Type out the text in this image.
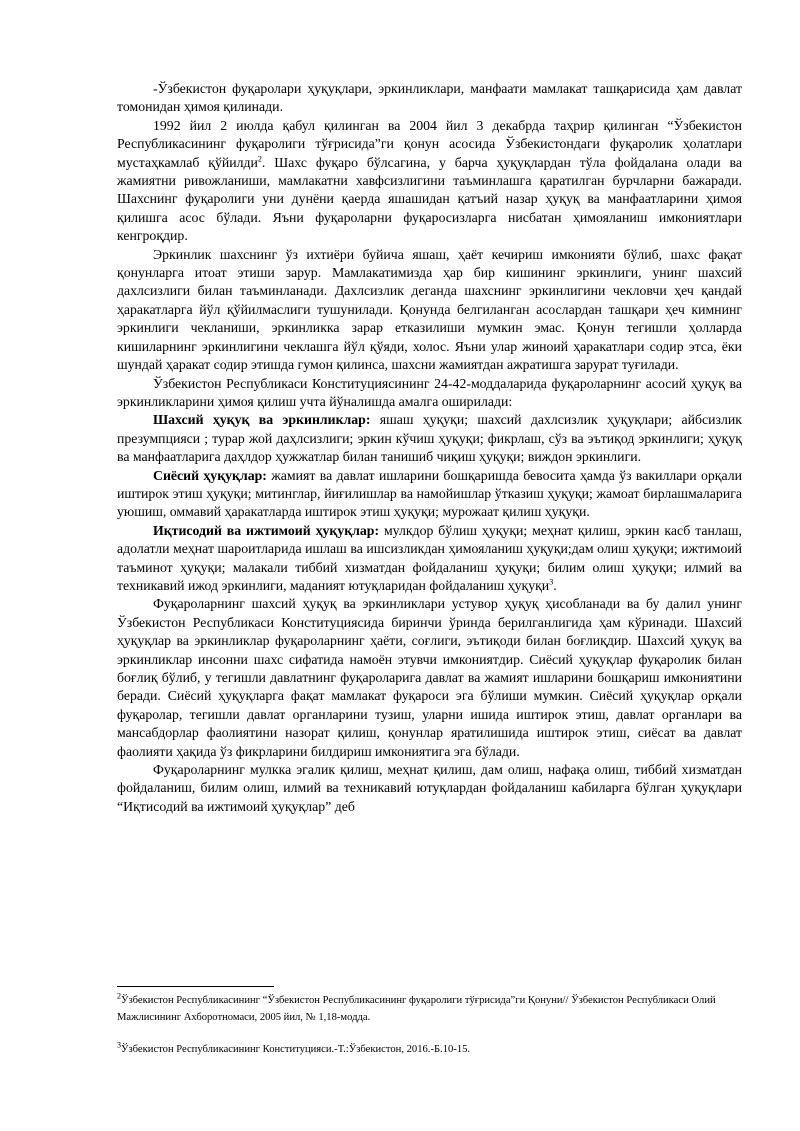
-Ўзбекистон фуқаролари ҳуқуқлари, эркинликлари, манфаати мамлакат ташқарисида ҳам давлат томонидан ҳимоя қилинади.

1992 йил 2 июлда қабул қилинган ва 2004 йил 3 декабрда таҳрир қилинган “Ўзбекистон Республикасининг фуқаролиги тўғрисида”ги қонун асосида Ўзбекистондаги фуқаролик ҳолатлари мустаҳкамлаб қўйилди$^2$. Шахс фуқаро бўлсагина, у барча ҳуқуқлардан тўла фойдалана олади ва жамиятни ривожланиши, мамлакатни хавфсизлигини таъминлашга қаратилган бурчларни бажаради. Шахснинг фуқаролиги уни дунёни қаерда яшашидан қатъий назар ҳуқуқ ва манфаатларини ҳимоя қилишга асос бўлади. Яъни фуқароларни фуқаросизларга нисбатан ҳимояланиш имкониятлари кенгроқдир.

Эркинлик шахснинг ўз ихтиёри буйича яшаш, ҳаёт кечириш имконияти бўлиб, шахс фақат қонунларга итоат этиши зарур. Мамлакатимизда ҳар бир кишининг эркинлиги, унинг шахсий дахлсизлиги билан таъминланади. Дахлсизлик деганда шахснинг эркинлигини чекловчи ҳеч қандай ҳаракатларга йўл қўйилмаслиги тушунилади. Қонунда белгиланган асослардан ташқари ҳеч кимнинг эркинлиги чекланиши, эркинликка зарар етказилиши мумкин эмас. Қонун тегишли ҳолларда кишиларнинг эркинлигини чеклашга йўл қўяди, холос. Яъни улар жиноий ҳаракатлари содир этса, ёки шундай ҳаракат содир этишда гумон қилинса, шахсни жамиятдан ажратишга зарурат туғилади.

Ўзбекистон Республикаси Конституциясининг 24-42-моддаларида фуқароларнинг асосий ҳуқуқ ва эркинликларини ҳимоя қилиш учта йўналишда амалга оширилади:

Шахсий ҳуқуқ ва эркинликлар: яшаш ҳуқуқи; шахсий дахлсизлик ҳуқуқлари; айбсизлик презумпцияси ; турар жой даҳлсизлиги; эркин кўчиш ҳуқуқи; фикрлаш, сўз ва эътиқод эркинлиги; ҳуқуқ ва манфаатларига даҳлдор ҳужжатлар билан танишиб чиқиш ҳуқуқи; виждон эркинлиги.

Сиёсий ҳуқуқлар: жамият ва давлат ишларини бошқаришда бевосита ҳамда ўз вакиллари орқали иштирок этиш ҳуқуқи; митинглар, йиғилишлар ва намойишлар ўтказиш ҳуқуқи; жамоат бирлашмаларига уюшиш, оммавий ҳаракатларда иштирок этиш ҳуқуқи; мурожаат қилиш ҳуқуқи.

Иқтисодий ва ижтимоий ҳуқуқлар: мулкдор бўлиш ҳуқуқи; меҳнат қилиш, эркин касб танлаш, адолатли меҳнат шароитларида ишлаш ва ишсизликдан ҳимояланиш ҳуқуқи;дам олиш ҳуқуқи; ижтимоий таъминот ҳуқуқи; малакали тиббий хизматдан фойдаланиш ҳуқуқи; билим олиш ҳуқуқи; илмий ва техникавий ижод эркинлиги, маданият ютуқларидан фойдаланиш ҳуқуқи$^3$.

Фуқароларнинг шахсий ҳуқуқ ва эркинликлари устувор ҳуқуқ ҳисобланади ва бу далил унинг Ўзбекистон Республикаси Конституциясида биринчи ўринда берилганлигида ҳам кўринади. Шахсий ҳуқуқлар ва эркинликлар фуқароларнинг ҳаёти, соғлиги, эътиқоди билан боғлиқдир. Шахсий ҳуқуқ ва эркинликлар инсонни шахс сифатида намоён этувчи имкониятдир. Сиёсий ҳуқуқлар фуқаролик билан боғлиқ бўлиб, у тегишли давлатнинг фуқароларига давлат ва жамият ишларини бошқариш имкониятини беради. Сиёсий ҳуқуқларга фақат мамлакат фуқароси эга бўлиши мумкин. Сиёсий ҳуқуқлар орқали фуқаролар, тегишли давлат органларини тузиш, уларни ишида иштирок этиш, давлат органлари ва мансабдорлар фаолиятини назорат қилиш, қонунлар яратилишида иштирок этиш, сиёсат ва давлат фаолияти ҳақида ўз фикрларини билдириш имкониятига эга бўлади.

Фуқароларнинг мулкка эгалик қилиш, меҳнат қилиш, дам олиш, нафақа олиш, тиббий хизматдан фойдаланиш, билим олиш, илмий ва техникавий ютуқлардан фойдаланиш кабиларга бўлган ҳуқуқлари “Иқтисодий ва ижтимоий ҳуқуқлар” деб

$^2$Ўзбекистон Республикасининг “Ўзбекистон Республикасининг фуқаролиги тўғрисида”ги Қонуни// Ўзбекистон Республикаси Олий Мажлисининг Ахборотномаси, 2005 йил, № 1,18-модда.

$^3$Ўзбекистон Республикасининг Конституцияси.-Т.:Ўзбекистон, 2016.-Б.10-15.
